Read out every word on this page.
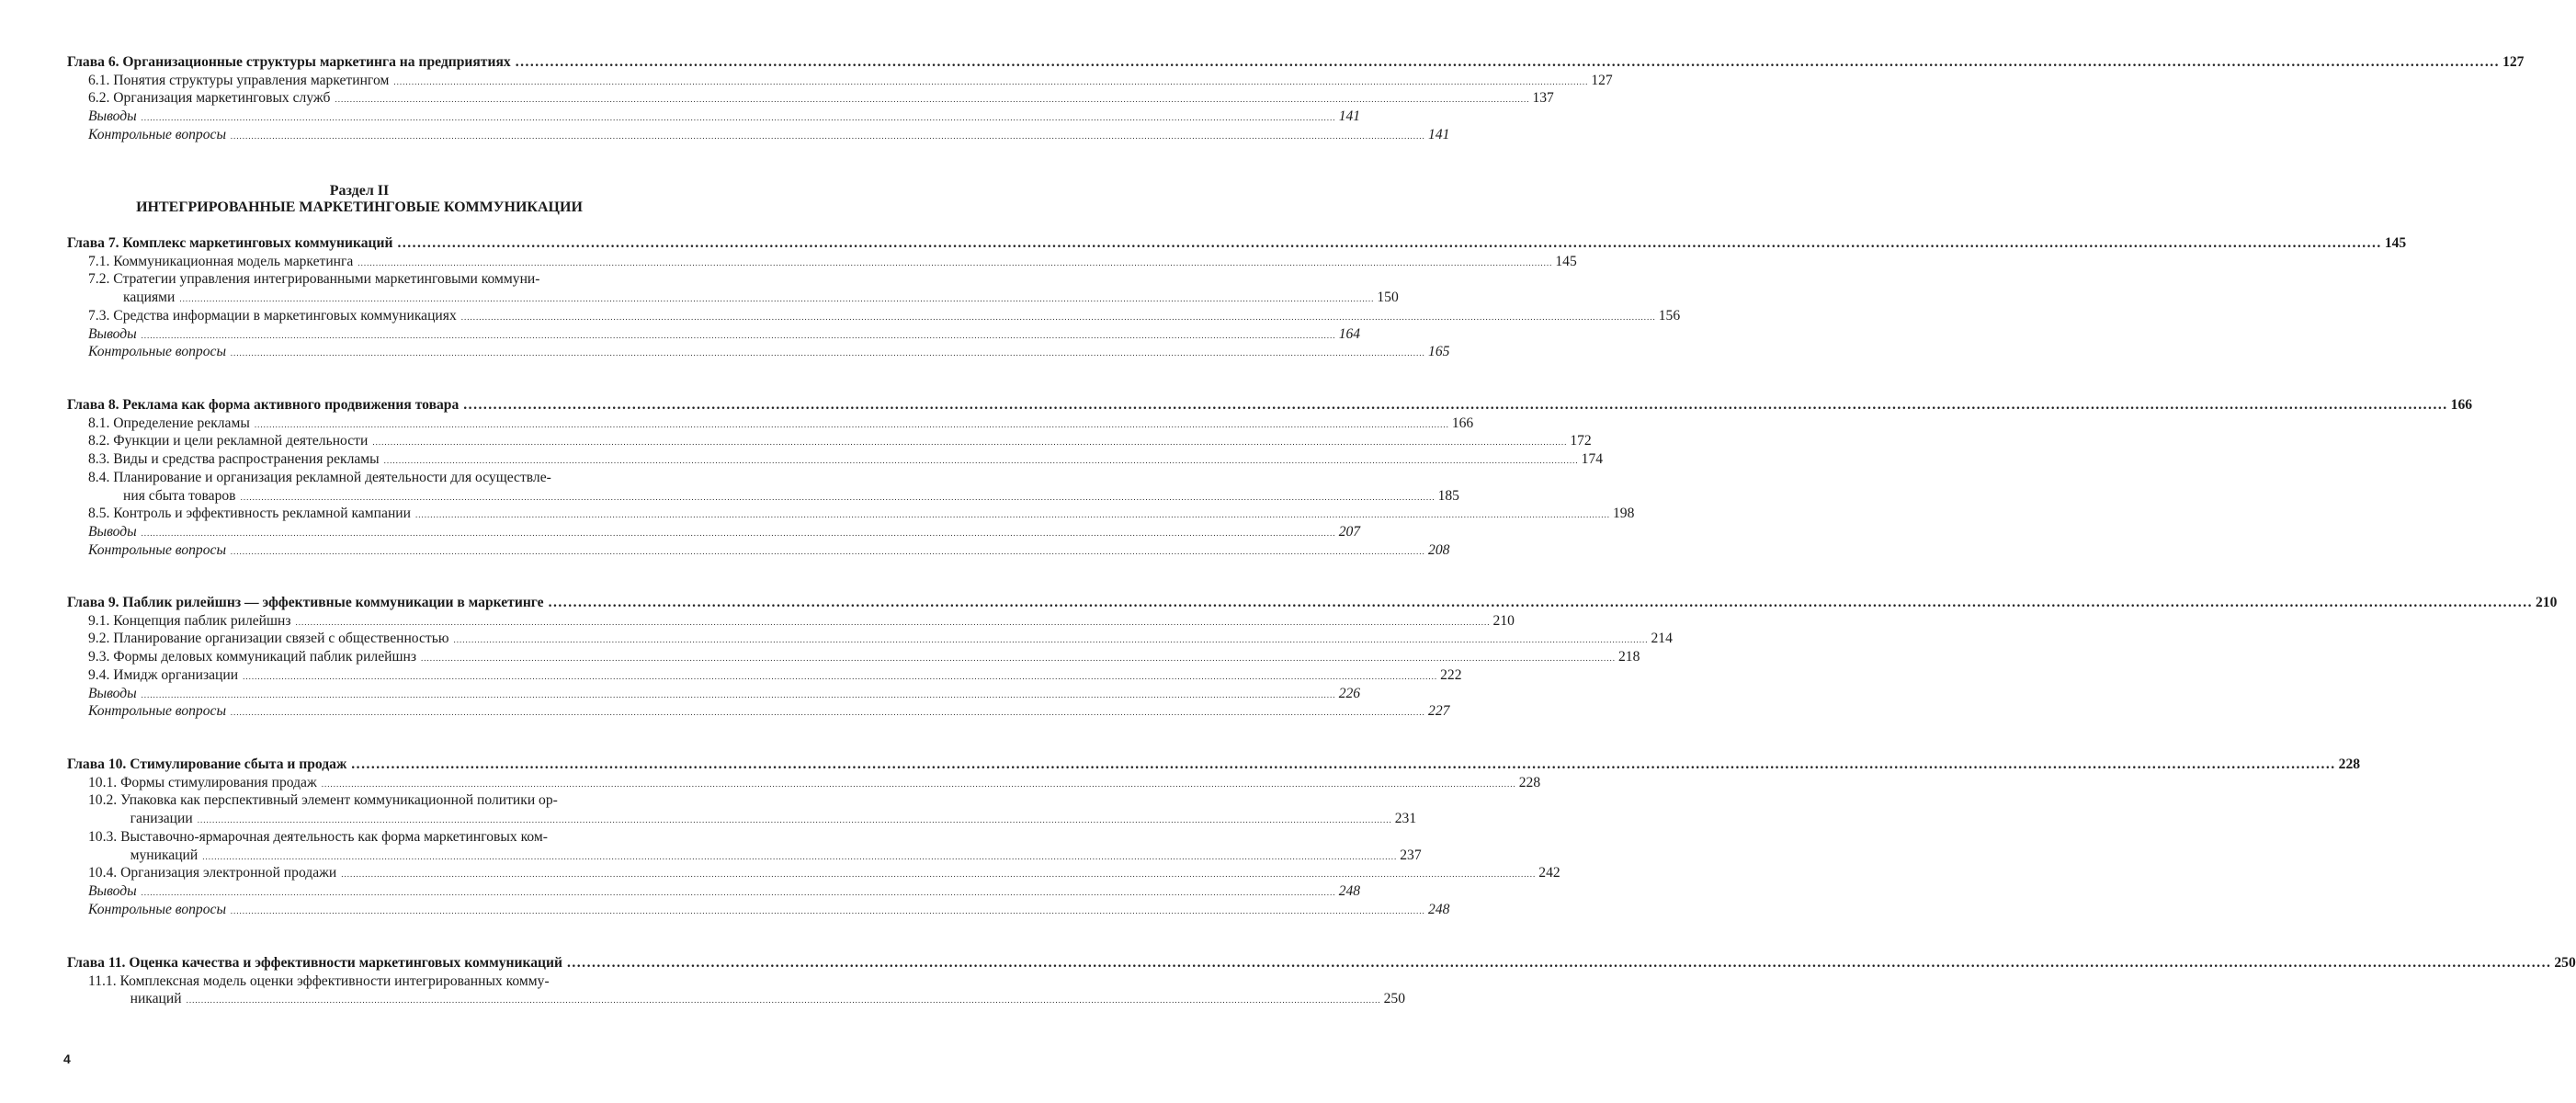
Раздел II
ИНТЕГРИРОВАННЫЕ МАРКЕТИНГОВЫЕ КОММУНИКАЦИИ
Глава 6. Организационные структуры маркетинга на предприятиях ................................................................................................................................................................................................................................................................................................................................................................................................................ 127
6.1. Понятия структуры управления маркетингом ................................................................................................................................................................................................................................................................................................................................................................................................................ 127
6.2. Организация маркетинговых служб ................................................................................................................................................................................................................................................................................................................................................................................................................ 137
Выводы ................................................................................................................................................................................................................................................................................................................................................................................................................ 141
Контрольные вопросы ................................................................................................................................................................................................................................................................................................................................................................................................................ 141
Глава 7. Комплекс маркетинговых коммуникаций ................................................................................................................................................................................................................................................................................................................................................................................................................ 145
7.1. Коммуникационная модель маркетинга ................................................................................................................................................................................................................................................................................................................................................................................................................ 145
7.2. Стратегии управления интегрированными маркетинговыми коммуни-
кациями ................................................................................................................................................................................................................................................................................................................................................................................................................ 150
7.3. Средства информации в маркетинговых коммуникациях ................................................................................................................................................................................................................................................................................................................................................................................................................ 156
Выводы ................................................................................................................................................................................................................................................................................................................................................................................................................ 164
Контрольные вопросы ................................................................................................................................................................................................................................................................................................................................................................................................................ 165
Глава 8. Реклама как форма активного продвижения товара ................................................................................................................................................................................................................................................................................................................................................................................................................ 166
8.1. Определение рекламы ................................................................................................................................................................................................................................................................................................................................................................................................................ 166
8.2. Функции и цели рекламной деятельности ................................................................................................................................................................................................................................................................................................................................................................................................................ 172
8.3. Виды и средства распространения рекламы ................................................................................................................................................................................................................................................................................................................................................................................................................ 174
8.4. Планирование и организация рекламной деятельности для осуществле-
ния сбыта товаров ................................................................................................................................................................................................................................................................................................................................................................................................................ 185
8.5. Контроль и эффективность рекламной кампании ................................................................................................................................................................................................................................................................................................................................................................................................................ 198
Выводы ................................................................................................................................................................................................................................................................................................................................................................................................................ 207
Контрольные вопросы ................................................................................................................................................................................................................................................................................................................................................................................................................ 208
Глава 9. Паблик рилейшнз — эффективные коммуникации в маркетинге ................................................................................................................................................................................................................................................................................................................................................................................................................ 210
9.1. Концепция паблик рилейшнз ................................................................................................................................................................................................................................................................................................................................................................................................................ 210
9.2. Планирование организации связей с общественностью ................................................................................................................................................................................................................................................................................................................................................................................................................ 214
9.3. Формы деловых коммуникаций паблик рилейшнз ................................................................................................................................................................................................................................................................................................................................................................................................................ 218
9.4. Имидж организации ................................................................................................................................................................................................................................................................................................................................................................................................................ 222
Выводы ................................................................................................................................................................................................................................................................................................................................................................................................................ 226
Контрольные вопросы ................................................................................................................................................................................................................................................................................................................................................................................................................ 227
Глава 10. Стимулирование сбыта и продаж ................................................................................................................................................................................................................................................................................................................................................................................................................ 228
10.1. Формы стимулирования продаж ................................................................................................................................................................................................................................................................................................................................................................................................................ 228
10.2. Упаковка как перспективный элемент коммуникационной политики ор-
ганизации ................................................................................................................................................................................................................................................................................................................................................................................................................ 231
10.3. Выставочно-ярмарочная деятельность как форма маркетинговых ком-
муникаций ................................................................................................................................................................................................................................................................................................................................................................................................................ 237
10.4. Организация электронной продажи ................................................................................................................................................................................................................................................................................................................................................................................................................ 242
Выводы ................................................................................................................................................................................................................................................................................................................................................................................................................ 248
Контрольные вопросы ................................................................................................................................................................................................................................................................................................................................................................................................................ 248
Глава 11. Оценка качества и эффективности маркетинговых коммуникаций ................................................................................................................................................................................................................................................................................................................................................................................................................ 250
11.1. Комплексная модель оценки эффективности интегрированных комму-
никаций ................................................................................................................................................................................................................................................................................................................................................................................................................ 250
4
